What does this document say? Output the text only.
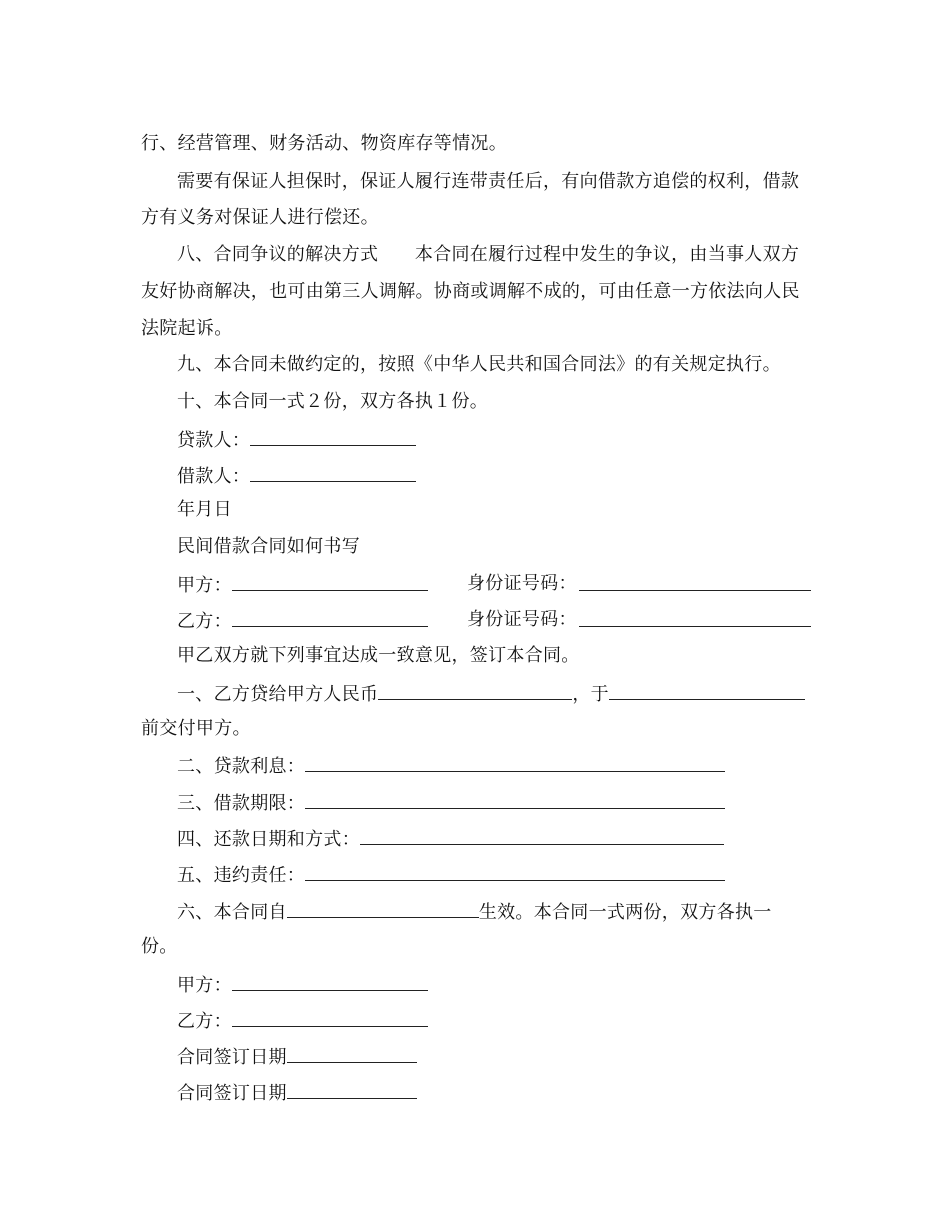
行、经营管理、财务活动、物资库存等情况。
需要有保证人担保时，保证人履行连带责任后，有向借款方追偿的权利，借款
方有义务对保证人进行偿还。
八、合同争议的解决方式　　本合同在履行过程中发生的争议，由当事人双方
友好协商解决，也可由第三人调解。协商或调解不成的，可由任意一方依法向人民
法院起诉。
九、本合同未做约定的，按照《中华人民共和国合同法》的有关规定执行。
十、本合同一式２份，双方各执１份。
贷款人：
借款人：
年月日
民间借款合同如何书写
甲方：	身份证号码：
乙方：	身份证号码：
甲乙双方就下列事宜达成一致意见，签订本合同。
一、乙方贷给甲方人民币	，于
前交付甲方。
二、贷款利息：
三、借款期限：
四、还款日期和方式：
五、违约责任：
六、本合同自	生效。本合同一式两份，双方各执一
份。
甲方：
乙方：
合同签订日期
合同签订日期
